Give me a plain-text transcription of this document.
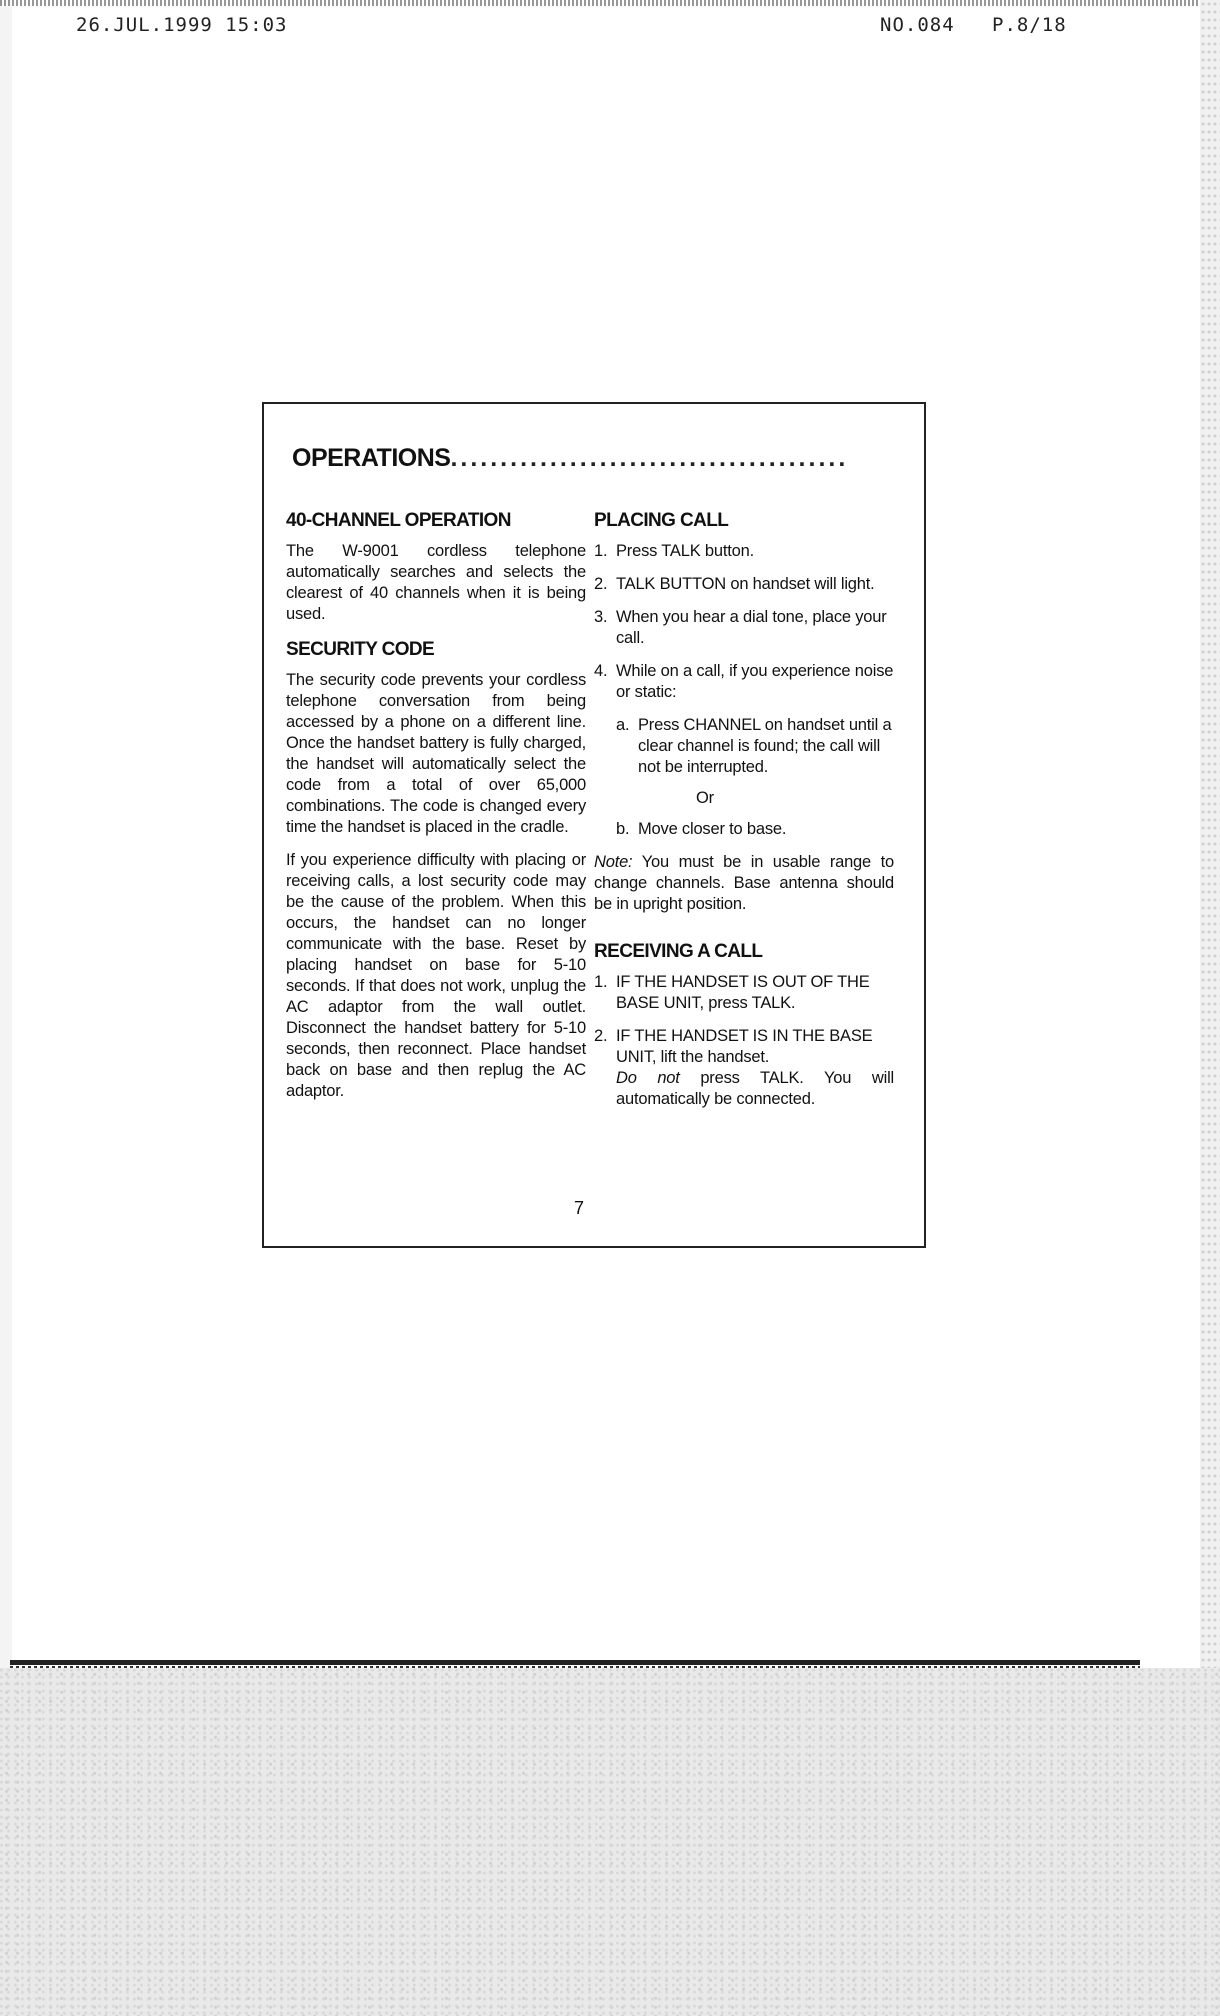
26.JUL.1999 15:03	NO.084 P.8/18
OPERATIONS........................................
40-CHANNEL OPERATION

The W-9001 cordless telephone automatically searches and selects the clearest of 40 channels when it is being used.

SECURITY CODE

The security code prevents your cordless telephone conversation from being accessed by a phone on a different line. Once the handset battery is fully charged, the handset will automatically select the code from a total of over 65,000 combinations. The code is changed every time the handset is placed in the cradle.

If you experience difficulty with placing or receiving calls, a lost security code may be the cause of the problem. When this occurs, the handset can no longer communicate with the base. Reset by placing handset on base for 5-10 seconds. If that does not work, unplug the AC adaptor from the wall outlet. Disconnect the handset battery for 5-10 seconds, then reconnect. Place handset back on base and then replug the AC adaptor.

PLACING CALL
1. Press TALK button.
2. TALK BUTTON on handset will light.
3. When you hear a dial tone, place your call.
4. While on a call, if you experience noise or static:
a. Press CHANNEL on handset until a clear channel is found; the call will not be interrupted.
Or
b. Move closer to base.

Note: You must be in usable range to change channels. Base antenna should be in upright position.

RECEIVING A CALL
1. IF THE HANDSET IS OUT OF THE BASE UNIT, press TALK.
2. IF THE HANDSET IS IN THE BASE UNIT, lift the handset.

Do not press TALK. You will automatically be connected.

7
